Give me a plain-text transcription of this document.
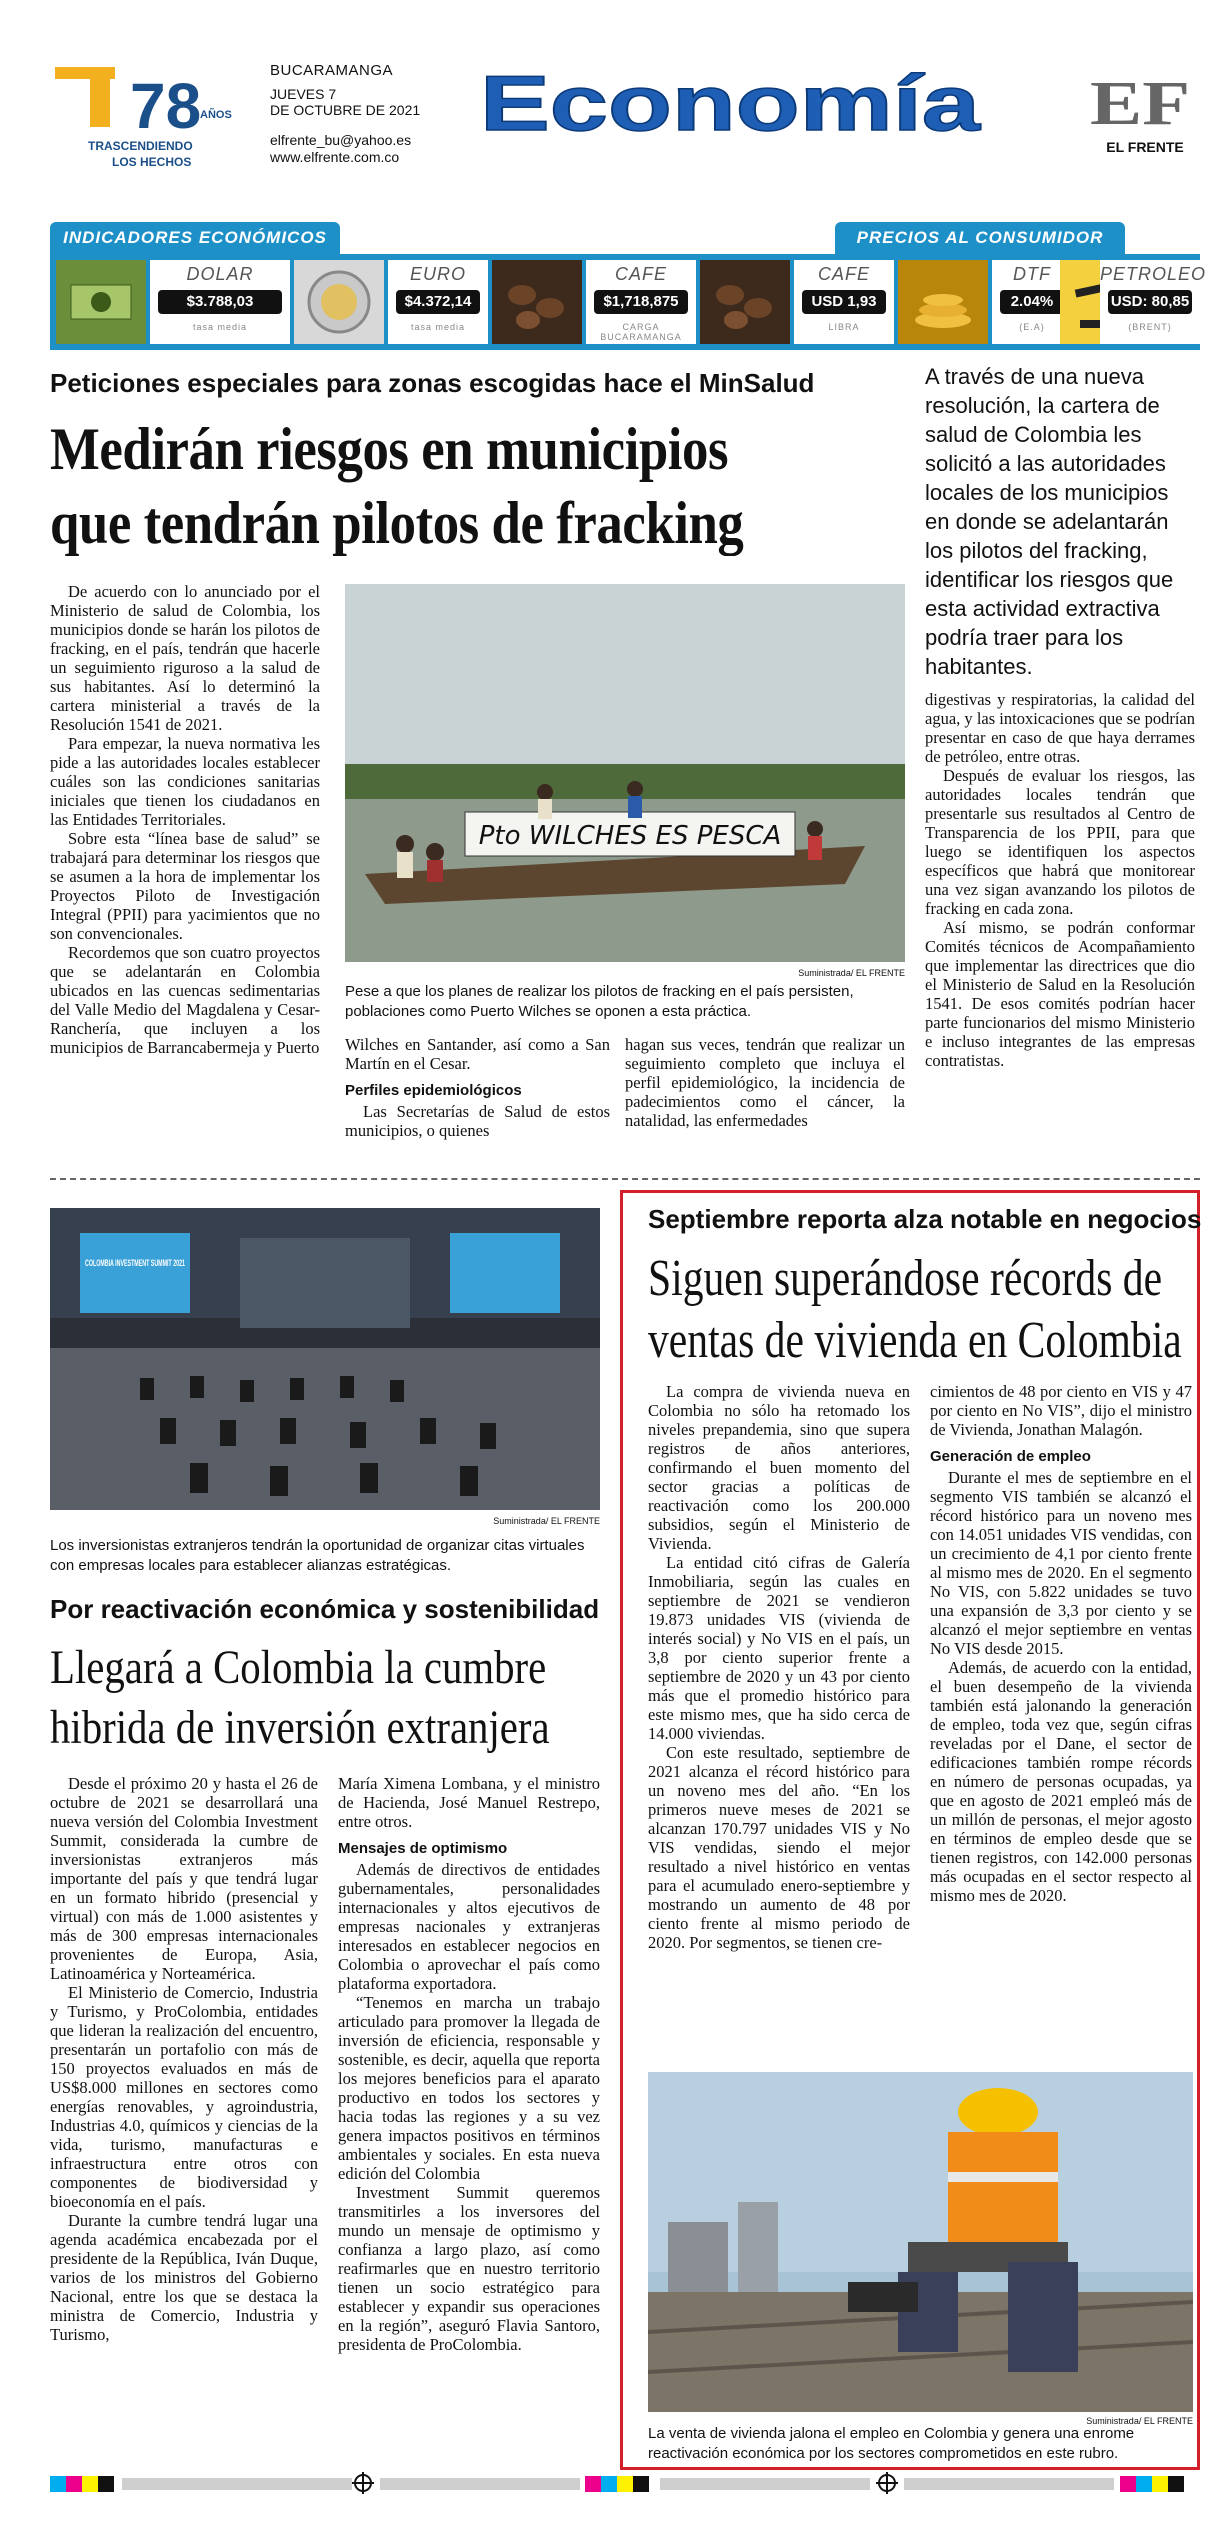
78
AÑOS
TRASCENDIENDO
LOS HECHOS
BUCARAMANGA
JUEVES 7
DE OCTUBRE DE 2021
elfrente_bu@yahoo.es
www.elfrente.com.co
Economía EF
EL FRENTE
INDICADORES ECONÓMICOS	PRECIOS AL CONSUMIDOR
DOLAR
$3.788,03
tasa media
EURO
$4.372,14
tasa media
CAFE
$1,718,875
CARGA BUCARAMANGA
CAFE
USD 1,93
LIBRA
DTF
2.04%
(E.A)
PETROLEO
USD: 80,85
(BRENT)
Peticiones especiales para zonas escogidas hace el MinSalud
Medirán riesgos en municipios
que tendrán pilotos de fracking
A través de una nueva resolución, la cartera de salud de Colombia les solicitó a las autoridades locales de los municipios en donde se adelantarán los pilotos del fracking, identificar los riesgos que esta actividad extractiva podría traer para los habitantes.

De acuerdo con lo anunciado por el Ministerio de salud de Colombia, los municipios donde se harán los pilotos de fracking, en el país, tendrán que hacerle un seguimiento riguroso a la salud de sus habitantes. Así lo determinó la cartera ministerial a través de la Resolución 1541 de 2021.

Para empezar, la nueva normativa les pide a las autoridades locales establecer cuáles son las condiciones sanitarias iniciales que tienen los ciudadanos en las Entidades Territoriales.

Sobre esta “línea base de salud” se trabajará para determinar los riesgos que se asumen a la hora de implementar los Proyectos Piloto de Investigación Integral (PPII) para yacimientos que no son convencionales.

Recordemos que son cuatro proyectos que se adelantarán en Colombia ubicados en las cuencas sedimentarias del Valle Medio del Magdalena y Cesar-Ranchería, que incluyen a los municipios de Barrancabermeja y Puerto

Pto WILCHES ES PESCA
Suministrada/ EL FRENTE
Pese a que los planes de realizar los pilotos de fracking en el país persisten, poblaciones como Puerto Wilches se oponen a esta práctica.

Wilches en Santander, así como a San Martín en el Cesar.

Perfiles epidemiológicos

Las Secretarías de Salud de estos municipios, o quienes

hagan sus veces, tendrán que realizar un seguimiento completo que incluya el perfil epidemiológico, la incidencia de padecimientos como el cáncer, la natalidad, las enfermedades

digestivas y respiratorias, la calidad del agua, y las intoxicaciones que se podrían presentar en caso de que haya derrames de petróleo, entre otras.

Después de evaluar los riesgos, las autoridades locales tendrán que presentarle sus resultados al Centro de Transparencia de los PPII, para que luego se identifiquen los aspectos específicos que habrá que monitorear una vez sigan avanzando los pilotos de fracking en cada zona.

Así mismo, se podrán conformar Comités técnicos de Acompañamiento que implementar las directrices que dio el Ministerio de Salud en la Resolución 1541. De esos comités podrían hacer parte funcionarios del mismo Ministerio e incluso integrantes de las empresas contratistas.

COLOMBIA INVESTMENT SUMMIT 2021
Suministrada/ EL FRENTE
Los inversionistas extranjeros tendrán la oportunidad de organizar citas virtuales con empresas locales para establecer alianzas estratégicas.
Por reactivación económica y sostenibilidad
Llegará a Colombia la cumbre
hibrida de inversión extranjera

Desde el próximo 20 y hasta el 26 de octubre de 2021 se desarrollará una nueva versión del Colombia Investment Summit, considerada la cumbre de inversionistas extranjeros más importante del país y que tendrá lugar en un formato hibrido (presencial y virtual) con más de 1.000 asistentes y más de 300 empresas internacionales provenientes de Europa, Asia, Latinoamérica y Norteamérica.

El Ministerio de Comercio, Industria y Turismo, y ProColombia, entidades que lideran la realización del encuentro, presentarán un portafolio con más de 150 proyectos evaluados en más de US$8.000 millones en sectores como energías renovables, y agroindustria, Industrias 4.0, químicos y ciencias de la vida, turismo, manufacturas e infraestructura entre otros con componentes de biodiversidad y bioeconomía en el país.

Durante la cumbre tendrá lugar una agenda académica encabezada por el presidente de la República, Iván Duque, varios de los ministros del Gobierno Nacional, entre los que se destaca la ministra de Comercio, Industria y Turismo,

María Ximena Lombana, y el ministro de Hacienda, José Manuel Restrepo, entre otros.

Mensajes de optimismo

Además de directivos de entidades gubernamentales, personalidades internacionales y altos ejecutivos de empresas nacionales y extranjeras interesados en establecer negocios en Colombia o aprovechar el país como plataforma exportadora.

“Tenemos en marcha un trabajo articulado para promover la llegada de inversión de eficiencia, responsable y sostenible, es decir, aquella que reporta los mejores beneficios para el aparato productivo en todos los sectores y hacia todas las regiones y a su vez genera impactos positivos en términos ambientales y sociales. En esta nueva edición del Colombia

Investment Summit queremos transmitirles a los inversores del mundo un mensaje de optimismo y confianza a largo plazo, así como reafirmarles que en nuestro territorio tienen un socio estratégico para establecer y expandir sus operaciones en la región”, aseguró Flavia Santoro, presidenta de ProColombia.

Septiembre reporta alza notable en negocios
Siguen superándose récords de
ventas de vivienda en Colombia

La compra de vivienda nueva en Colombia no sólo ha retomado los niveles prepandemia, sino que supera registros de años anteriores, confirmando el buen momento del sector gracias a políticas de reactivación como los 200.000 subsidios, según el Ministerio de Vivienda.

La entidad citó cifras de Galería Inmobiliaria, según las cuales en septiembre de 2021 se vendieron 19.873 unidades VIS (vivienda de interés social) y No VIS en el país, un 3,8 por ciento superior frente a septiembre de 2020 y un 43 por ciento más que el promedio histórico para este mismo mes, que ha sido cerca de 14.000 viviendas.

Con este resultado, septiembre de 2021 alcanza el récord histórico para un noveno mes del año. “En los primeros nueve meses de 2021 se alcanzan 170.797 unidades VIS y No VIS vendidas, siendo el mejor resultado a nivel histórico en ventas para el acumulado enero-septiembre y mostrando un aumento de 48 por ciento frente al mismo periodo de 2020. Por segmentos, se tienen cre-

cimientos de 48 por ciento en VIS y 47 por ciento en No VIS”, dijo el ministro de Vivienda, Jonathan Malagón.

Generación de empleo

Durante el mes de septiembre en el segmento VIS también se alcanzó el récord histórico para un noveno mes con 14.051 unidades VIS vendidas, con un crecimiento de 4,1 por ciento frente al mismo mes de 2020. En el segmento No VIS, con 5.822 unidades se tuvo una expansión de 3,3 por ciento y se alcanzó el mejor septiembre en ventas No VIS desde 2015.

Además, de acuerdo con la entidad, el buen desempeño de la vivienda también está jalonando la generación de empleo, toda vez que, según cifras reveladas por el Dane, el sector de edificaciones también rompe récords en número de personas ocupadas, ya que en agosto de 2021 empleó más de un millón de personas, el mejor agosto en términos de empleo desde que se tienen registros, con 142.000 personas más ocupadas en el sector respecto al mismo mes de 2020.

Suministrada/ EL FRENTE
La venta de vivienda jalona el empleo en Colombia y genera una enrome reactivación económica por los sectores comprometidos en este rubro.
